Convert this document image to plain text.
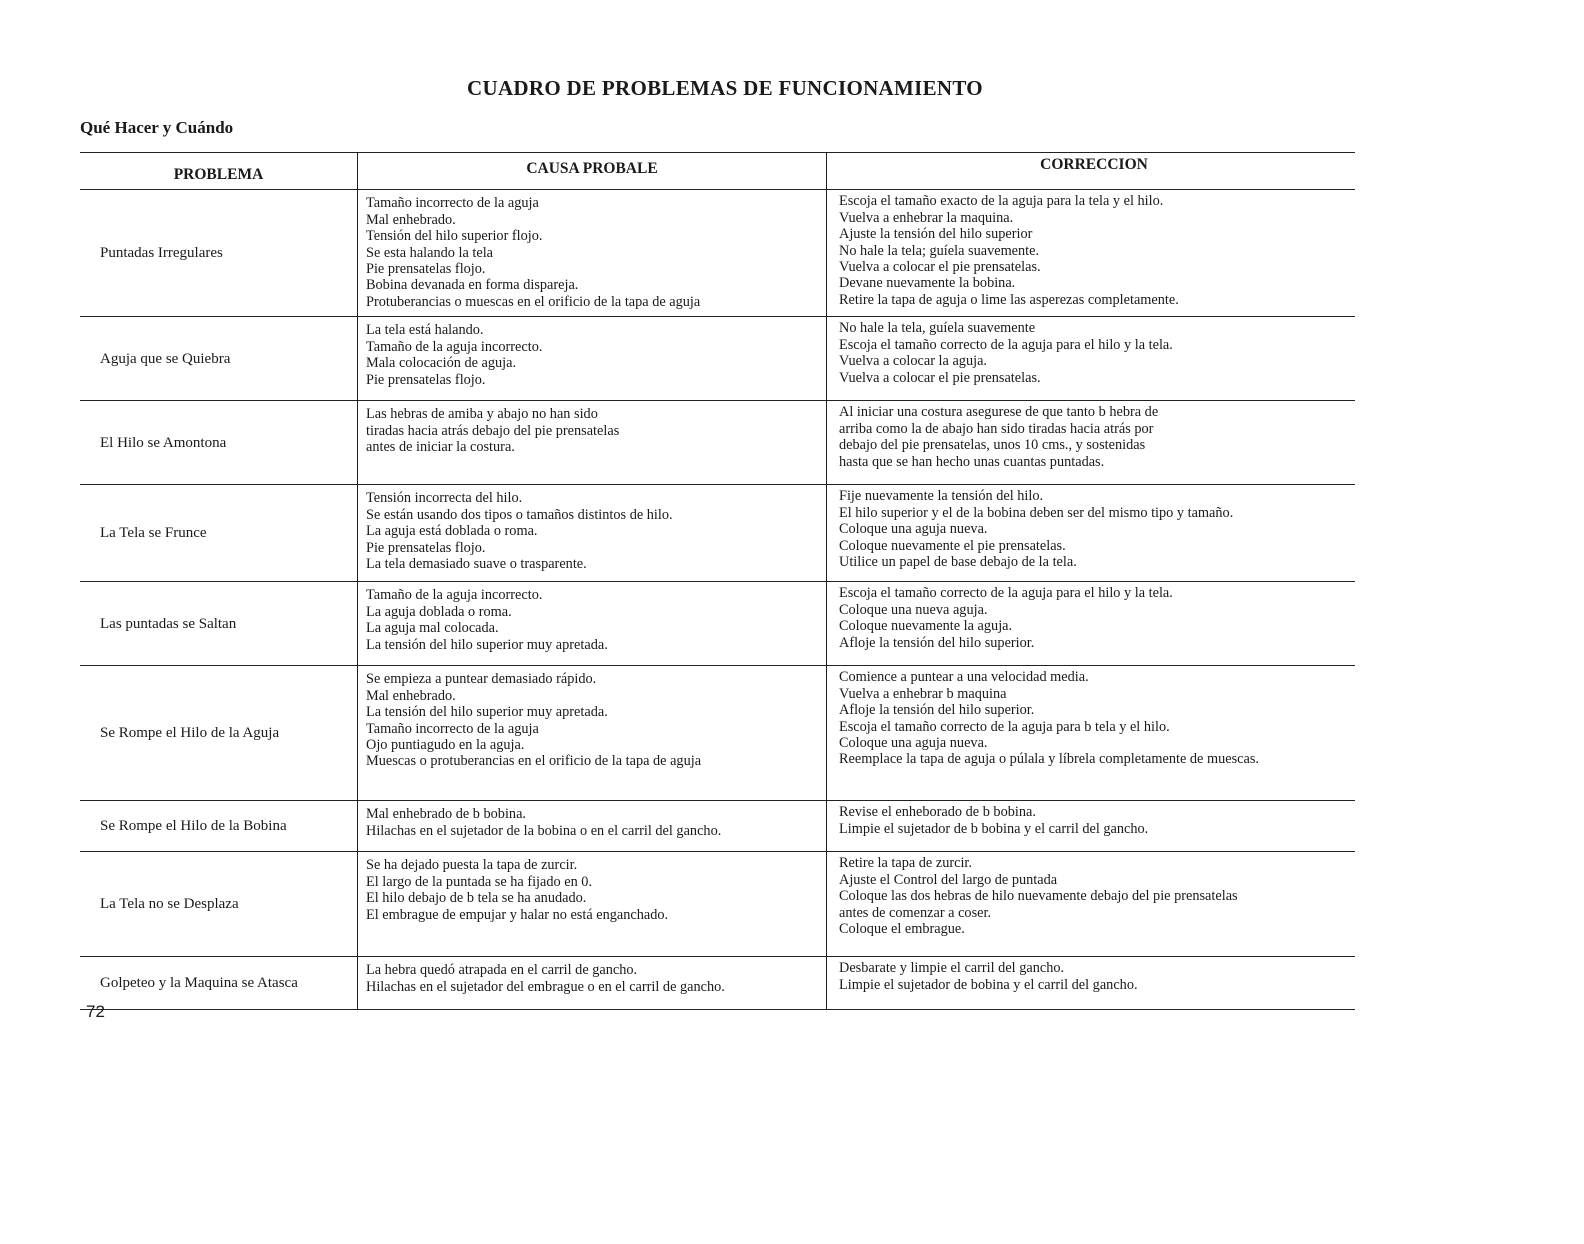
CUADRO DE PROBLEMAS DE FUNCIONAMIENTO
Qué Hacer y Cuándo
PROBLEMA	CAUSA PROBALE	CORRECCION
Puntadas Irregulares
Tamaño incorrecto de la aguja
Mal enhebrado.
Tensión del hilo superior flojo.
Se esta halando la tela
Pie prensatelas flojo.
Bobina devanada en forma dispareja.
Protuberancias o muescas en el orificio de la tapa de aguja
Escoja el tamaño exacto de la aguja para la tela y el hilo.
Vuelva a enhebrar la maquina.
Ajuste la tensión del hilo superior
No hale la tela; guíela suavemente.
Vuelva a colocar el pie prensatelas.
Devane nuevamente la bobina.
Retire la tapa de aguja o lime las asperezas completamente.
Aguja que se Quiebra
La tela está halando.
Tamaño de la aguja incorrecto.
Mala colocación de aguja.
Pie prensatelas flojo.
No hale la tela, guíela suavemente
Escoja el tamaño correcto de la aguja para el hilo y la tela.
Vuelva a colocar la aguja.
Vuelva a colocar el pie prensatelas.
El Hilo se Amontona
Las hebras de amiba y abajo no han sido
tiradas hacia atrás debajo del pie prensatelas
antes de iniciar la costura.
Al iniciar una costura asegurese de que tanto b hebra de
arriba como la de abajo han sido tiradas hacia atrás por
debajo del pie prensatelas, unos 10 cms., y sostenidas
hasta que se han hecho unas cuantas puntadas.
La Tela se Frunce
Tensión incorrecta del hilo.
Se están usando dos tipos o tamaños distintos de hilo.
La aguja está doblada o roma.
Pie prensatelas flojo.
La tela demasiado suave o trasparente.
Fije nuevamente la tensión del hilo.
El hilo superior y el de la bobina deben ser del mismo tipo y tamaño.
Coloque una aguja nueva.
Coloque nuevamente el pie prensatelas.
Utilice un papel de base debajo de la tela.
Las puntadas se Saltan
Tamaño de la aguja incorrecto.
La aguja doblada o roma.
La aguja mal colocada.
La tensión del hilo superior muy apretada.
Escoja el tamaño correcto de la aguja para el hilo y la tela.
Coloque una nueva aguja.
Coloque nuevamente la aguja.
Afloje la tensión del hilo superior.
Se Rompe el Hilo de la Aguja
Se empieza a puntear demasiado rápido.
Mal enhebrado.
La tensión del hilo superior muy apretada.
Tamaño incorrecto de la aguja
Ojo puntiagudo en la aguja.
Muescas o protuberancias en el orificio de la tapa de aguja
Comience a puntear a una velocidad media.
Vuelva a enhebrar b maquina
Afloje la tensión del hilo superior.
Escoja el tamaño correcto de la aguja para b tela y el hilo.
Coloque una aguja nueva.
Reemplace la tapa de aguja o púlala y líbrela completamente de muescas.
Se Rompe el Hilo de la Bobina
Mal enhebrado de b bobina.
Hilachas en el sujetador de la bobina o en el carril del gancho.
Revise el enheborado de b bobina.
Limpie el sujetador de b bobina y el carril del gancho.
La Tela no se Desplaza
Se ha dejado puesta la tapa de zurcir.
El largo de la puntada se ha fijado en 0.
El hilo debajo de b tela se ha anudado.
El embrague de empujar y halar no está enganchado.
Retire la tapa de zurcir.
Ajuste el Control del largo de puntada
Coloque las dos hebras de hilo nuevamente debajo del pie prensatelas
antes de comenzar a coser.
Coloque el embrague.
Golpeteo y la Maquina se Atasca
La hebra quedó atrapada en el carril de gancho.
Hilachas en el sujetador del embrague o en el carril de gancho.
Desbarate y limpie el carril del gancho.
Limpie el sujetador de bobina y el carril del gancho.
72
